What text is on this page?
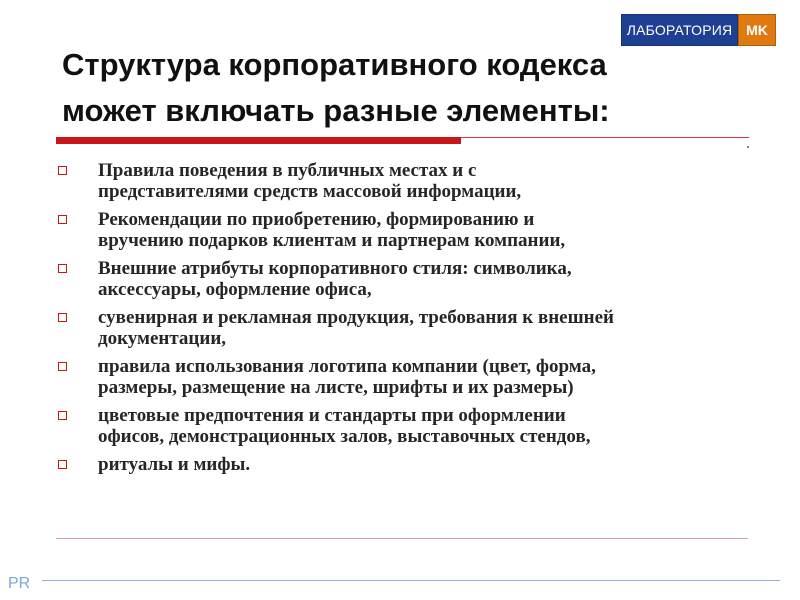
ЛАБОРАТОРИЯ MK
Структура корпоративного кодекса
может включать разные элементы:
Правила поведения в публичных местах и с
представителями средств массовой информации,
Рекомендации по приобретению, формированию и
вручению подарков клиентам и партнерам компании,
Внешние атрибуты корпоративного стиля: символика,
аксессуары, оформление офиса,
сувенирная и рекламная продукция, требования к внешней
документации,
правила использования логотипа компании (цвет, форма,
размеры, размещение на листе, шрифты и их размеры)
цветовые предпочтения и стандарты при оформлении
офисов, демонстрационных залов, выставочных стендов,
ритуалы и мифы.
PR
